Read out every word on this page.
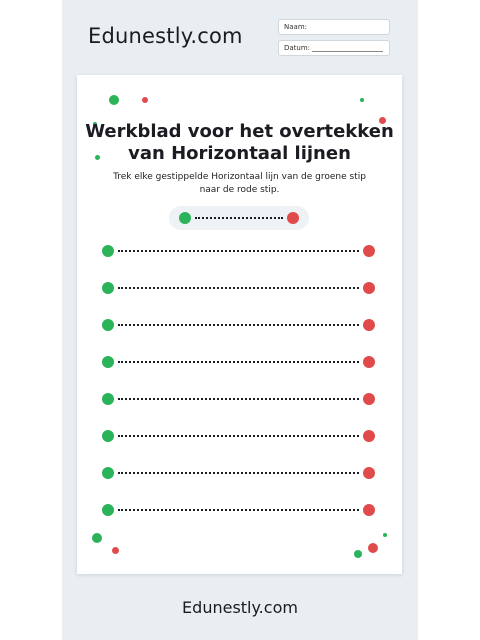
Edunestly.com	Naam:
Datum:
Werkblad voor het overtekken
van Horizontaal lijnen
Trek elke gestippelde Horizontaal lijn van de groene stip
naar de rode stip.
Edunestly.com
